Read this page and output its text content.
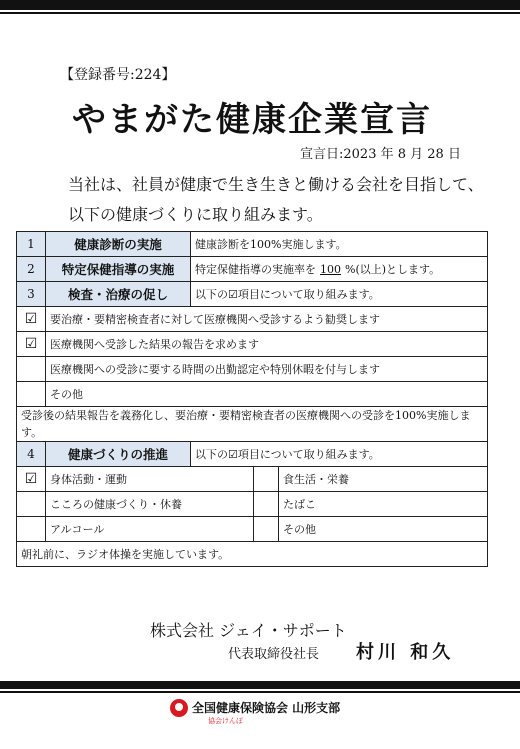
【登録番号:224】
やまがた健康企業宣言
宣言日:2023 年 8 月 28 日
当社は、社員が健康で生き生きと働ける会社を目指して、
以下の健康づくりに取り組みます。
1	健康診断の実施	健康診断を100%実施します。		
2	特定保健指導の実施	特定保健指導の実施率を 100 %(以上)とします。		
3	検査・治療の促し	以下の☑項目について取り組みます。		
☑	要治療・要精密検査者に対して医療機関へ受診するよう勧奨します			
☑	医療機関へ受診した結果の報告を求めます			
	医療機関への受診に要する時間の出勤認定や特別休暇を付与します			
	その他			
受診後の結果報告を義務化し、要治療・要精密検査者の医療機関への受診を100%実施します。				
4	健康づくりの推進	以下の☑項目について取り組みます。		
☑	身体活動・運動			食生活・栄養
	こころの健康づくり・休養			たばこ
	アルコール			その他
朝礼前に、ラジオ体操を実施しています。				
株式会社 ジェイ・サポート
代表取締役社長 村川 和久
全国健康保険協会 山形支部
協会けんぽ
